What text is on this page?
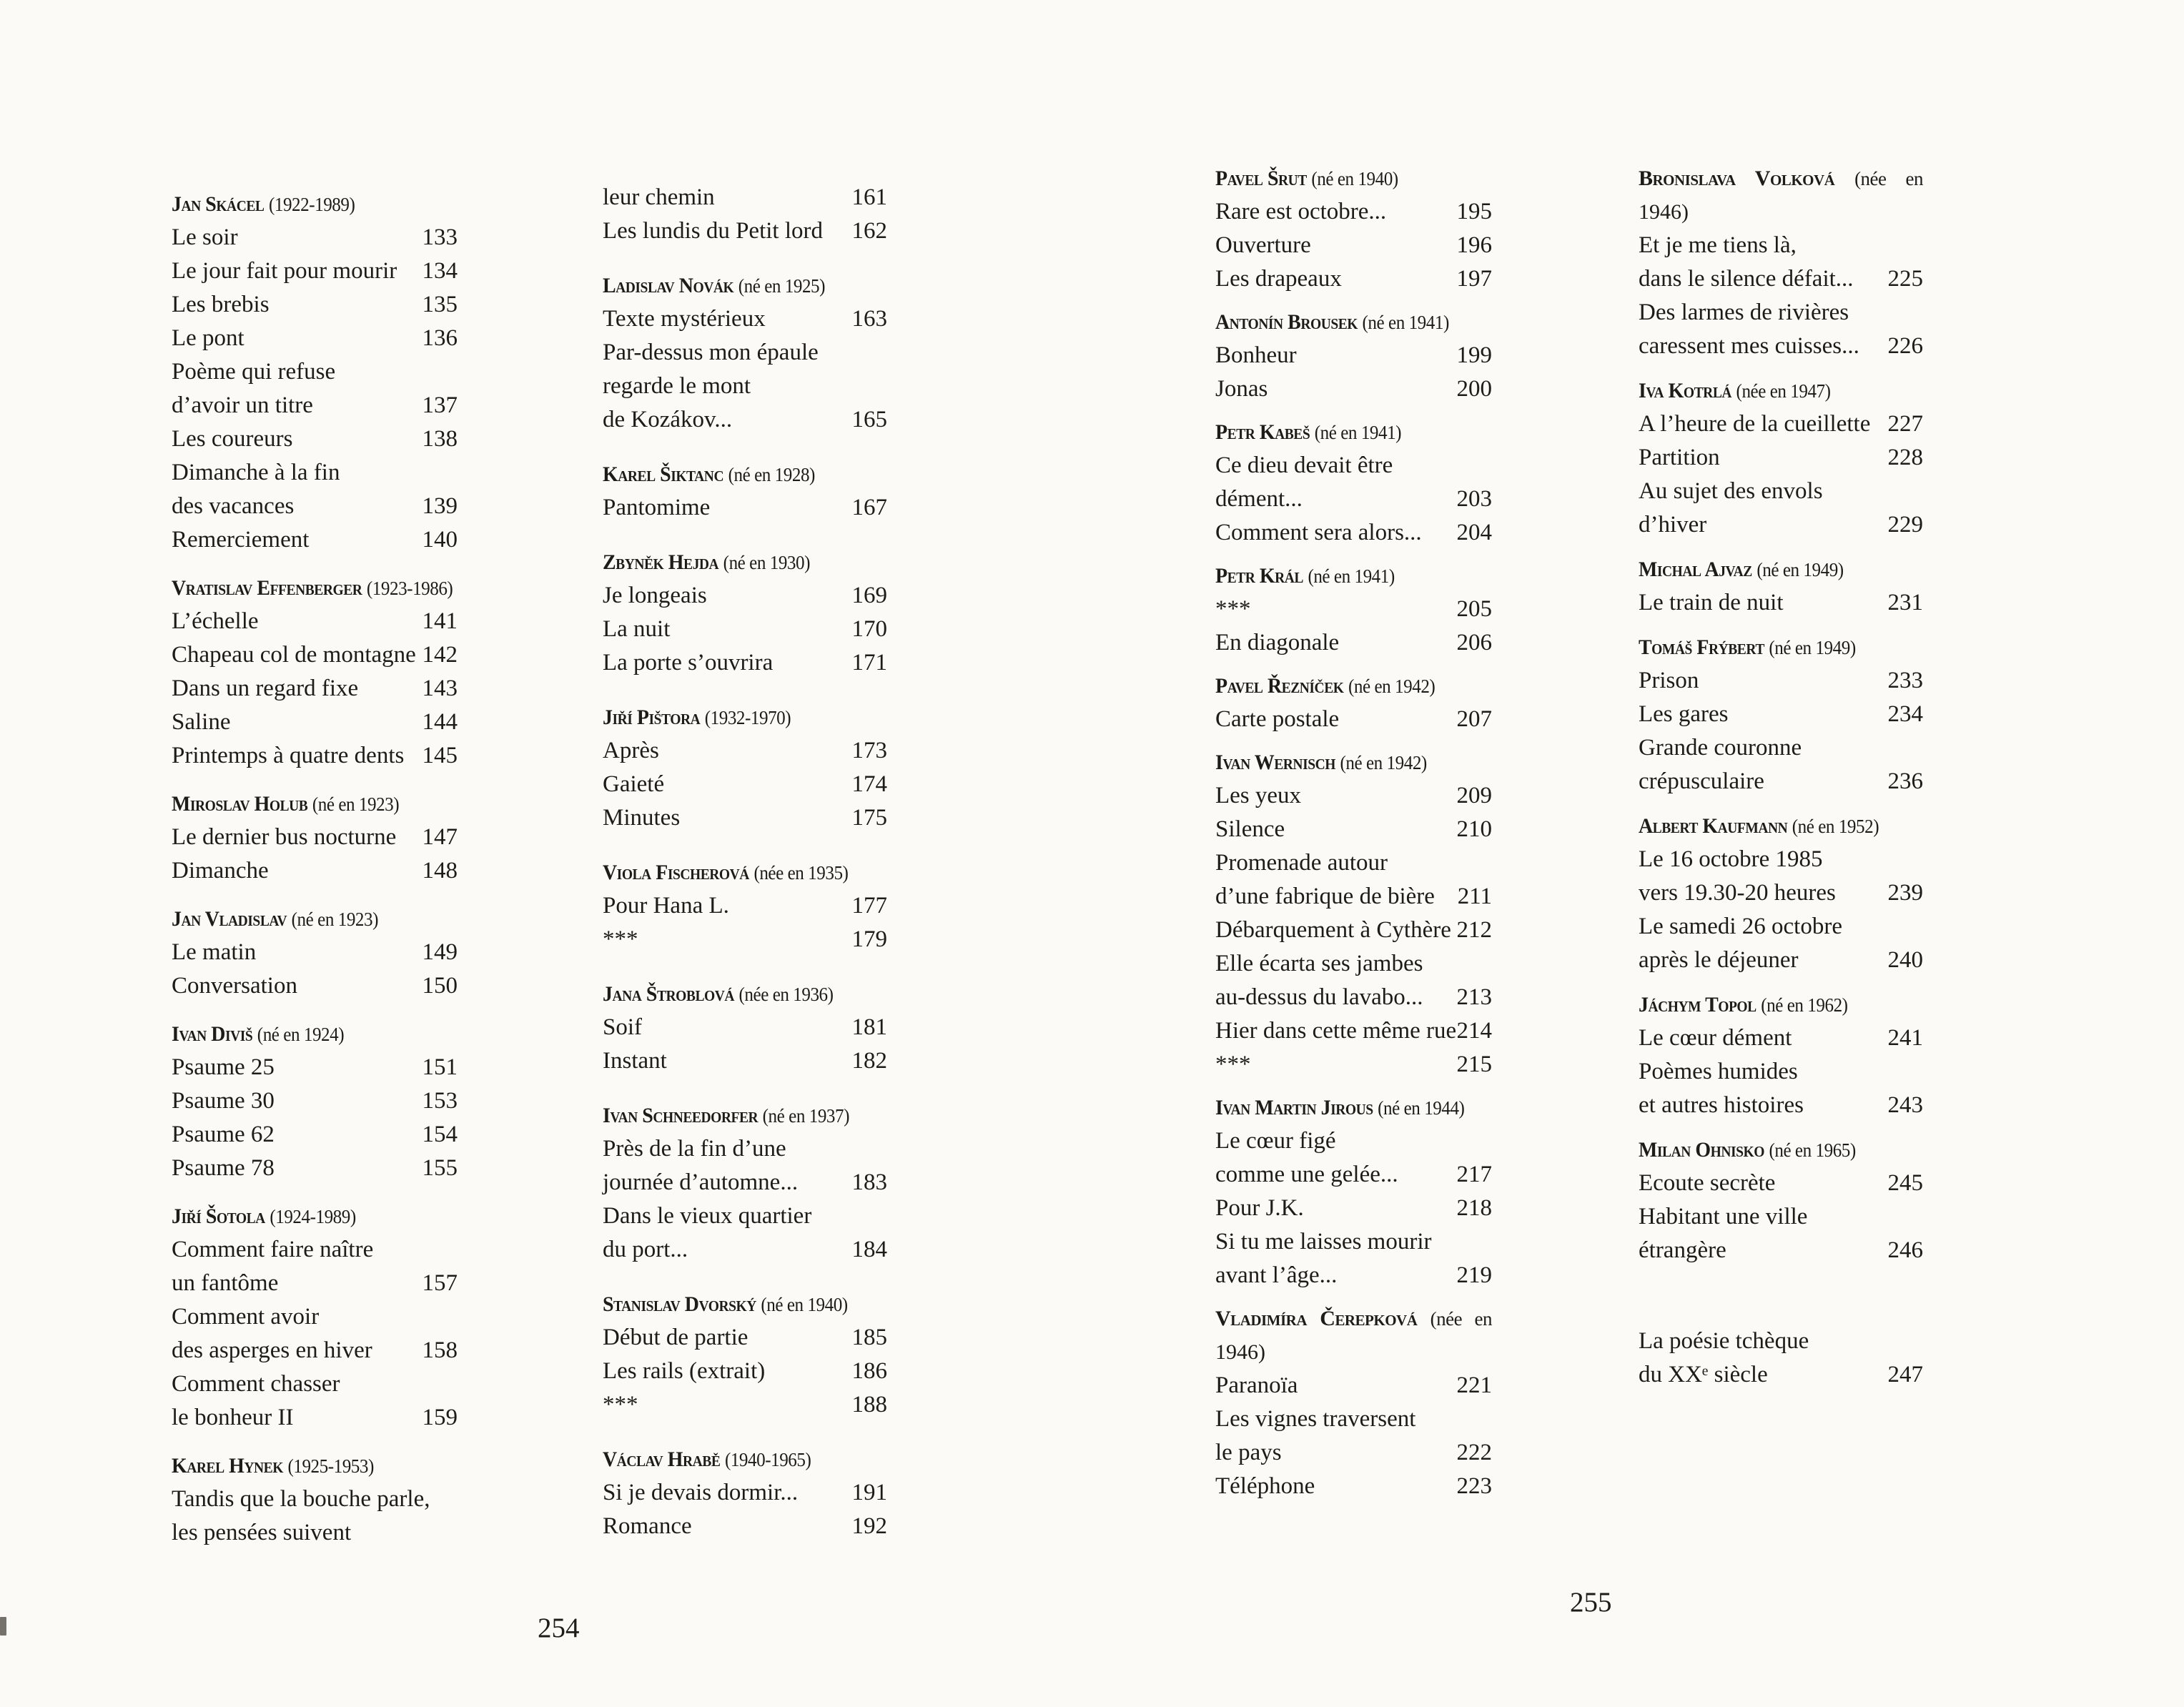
Jan Skácel (1922-1989)
Le soir	133
Le jour fait pour mourir 134
Les brebis	135
Le pont	136
Poème qui refuse
d’avoir un titre	137
Les coureurs	138
Dimanche à la fin
des vacances	139
Remerciement	140
Vratislav Effenberger (1923-1986)
L’échelle	141
Chapeau col de montagne 142
Dans un regard fixe	143
Saline	144
Printemps à quatre dents 145
Miroslav Holub (né en 1923)
Le dernier bus nocturne 147
Dimanche	148
Jan Vladislav (né en 1923)
Le matin	149
Conversation	150
Ivan Diviš (né en 1924)
Psaume 25	151
Psaume 30	153
Psaume 62	154
Psaume 78	155
Jiří Šotola (1924-1989)
Comment faire naître
un fantôme	157
Comment avoir
des asperges en hiver 158
Comment chasser
le bonheur II	159
Karel Hynek (1925-1953)
Tandis que la bouche parle,
les pensées suivent
leur chemin	161
Les lundis du Petit lord 162
Ladislav Novák (né en 1925)
Texte mystérieux	163
Par-dessus mon épaule
regarde le mont
de Kozákov...	165
Karel Šiktanc (né en 1928)
Pantomime	167
Zbyněk Hejda (né en 1930)
Je longeais	169
La nuit	170
La porte s’ouvrira	171
Jiří Pištora (1932-1970)
Après	173
Gaieté	174
Minutes	175
Viola Fischerová (née en 1935)
Pour Hana L.	177
***	179
Jana Štroblová (née en 1936)
Soif	181
Instant	182
Ivan Schneedorfer (né en 1937)
Près de la fin d’une
journée d’automne... 183
Dans le vieux quartier
du port...	184
Stanislav Dvorský (né en 1940)
Début de partie	185
Les rails (extrait)	186
***	188
Václav Hrabě (1940-1965)
Si je devais dormir... 191
Romance	192
Pavel Šrut (né en 1940)
Rare est octobre...	195
Ouverture	196
Les drapeaux	197
Antonín Brousek (né en 1941)
Bonheur	199
Jonas	200
Petr Kabeš (né en 1941)
Ce dieu devait être
dément...	203
Comment sera alors... 204
Petr Král (né en 1941)
***	205
En diagonale	206
Pavel Řezníček (né en 1942)
Carte postale	207
Ivan Wernisch (né en 1942)
Les yeux	209
Silence	210
Promenade autour
d’une fabrique de bière 211
Débarquement à Cythère 212
Elle écarta ses jambes
au-dessus du lavabo... 213
Hier dans cette même rue 214
***	215
Ivan Martin Jirous (né en 1944)
Le cœur figé
comme une gelée... 217
Pour J.K.	218
Si tu me laisses mourir
avant l’âge...	219
Vladimíra Čerepková (née en
1946)
Paranoïa	221
Les vignes traversent
le pays	222
Téléphone	223
Bronislava Volková (née en
1946)
Et je me tiens là,
dans le silence défait... 225
Des larmes de rivières
caressent mes cuisses... 226
Iva Kotrlá (née en 1947)
A l’heure de la cueillette 227
Partition	228
Au sujet des envols
d’hiver	229
Michal Ajvaz (né en 1949)
Le train de nuit	231
Tomáš Frýbert (né en 1949)
Prison	233
Les gares	234
Grande couronne
crépusculaire	236
Albert Kaufmann (né en 1952)
Le 16 octobre 1985
vers 19.30-20 heures 239
Le samedi 26 octobre
après le déjeuner	240
Jáchym Topol (né en 1962)
Le cœur dément	241
Poèmes humides
et autres histoires	243
Milan Ohnisko (né en 1965)
Ecoute secrète	245
Habitant une ville
étrangère	246
La poésie tchèque
du XXᵉ siècle	247
254
255
